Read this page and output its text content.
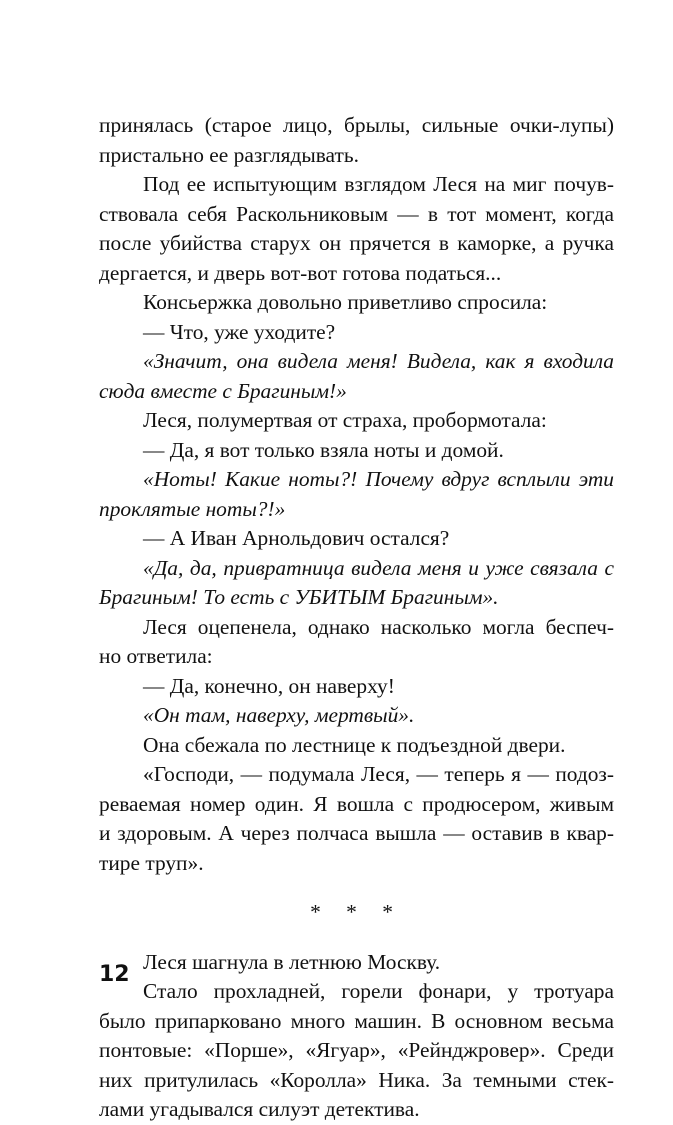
принялась (старое лицо, брылы, сильные очки-лупы)
пристально ее разглядывать.
Под ее испытующим взглядом Леся на миг почув-
ствовала себя Раскольниковым — в тот момент, когда
после убийства старух он прячется в каморке, а ручка
дергается, и дверь вот-вот готова податься...
Консьержка довольно приветливо спросила:
— Что, уже уходите?
«Значит, она видела меня! Видела, как я входила
сюда вместе с Брагиным!»
Леся, полумертвая от страха, пробормотала:
— Да, я вот только взяла ноты и домой.
«Ноты! Какие ноты?! Почему вдруг всплыли эти
проклятые ноты?!»
— А Иван Арнольдович остался?
«Да, да, привратница видела меня и уже связала с
Брагиным! То есть с УБИТЫМ Брагиным».
Леся оцепенела, однако насколько могла беспеч-
но ответила:
— Да, конечно, он наверху!
«Он там, наверху, мертвый».
Она сбежала по лестнице к подъездной двери.
«Господи, — подумала Леся, — теперь я — подоз-
реваемая номер один. Я вошла с продюсером, живым
и здоровым. А через полчаса вышла — оставив в квар-
тире труп».
* * *
Леся шагнула в летнюю Москву.
Стало прохладней, горели фонари, у тротуара
было припарковано много машин. В основном весьма
понтовые: «Порше», «Ягуар», «Рейнджровер». Среди
них притулилась «Королла» Ника. За темными стек-
лами угадывался силуэт детектива.
12
